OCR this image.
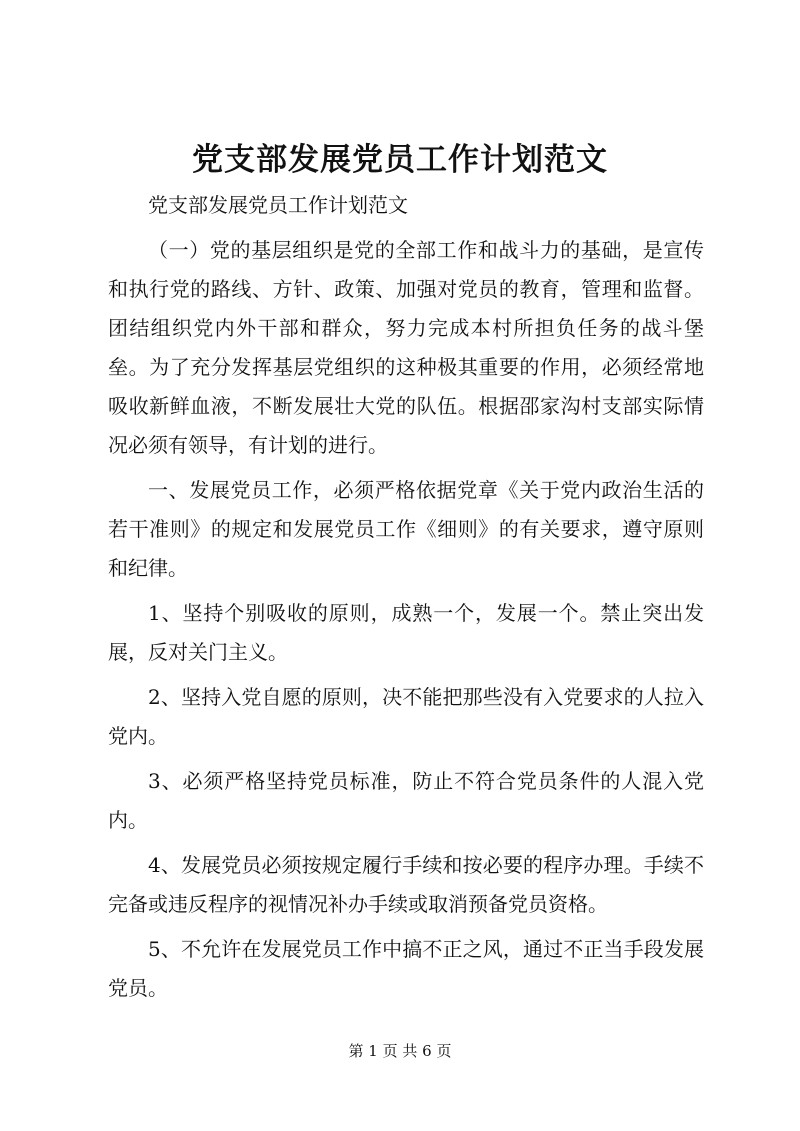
党支部发展党员工作计划范文

党支部发展党员工作计划范文

（一）党的基层组织是党的全部工作和战斗力的基础，是宣传和执行党的路线、方针、政策、加强对党员的教育，管理和监督。团结组织党内外干部和群众，努力完成本村所担负任务的战斗堡垒。为了充分发挥基层党组织的这种极其重要的作用，必须经常地吸收新鲜血液，不断发展壮大党的队伍。根据邵家沟村支部实际情况必须有领导，有计划的进行。

一、发展党员工作，必须严格依据党章《关于党内政治生活的若干准则》的规定和发展党员工作《细则》的有关要求，遵守原则和纪律。

1、坚持个别吸收的原则，成熟一个，发展一个。禁止突出发展，反对关门主义。

2、坚持入党自愿的原则，决不能把那些没有入党要求的人拉入党内。

3、必须严格坚持党员标准，防止不符合党员条件的人混入党内。

4、发展党员必须按规定履行手续和按必要的程序办理。手续不完备或违反程序的视情况补办手续或取消预备党员资格。

5、不允许在发展党员工作中搞不正之风，通过不正当手段发展党员。

第 1 页 共 6 页
